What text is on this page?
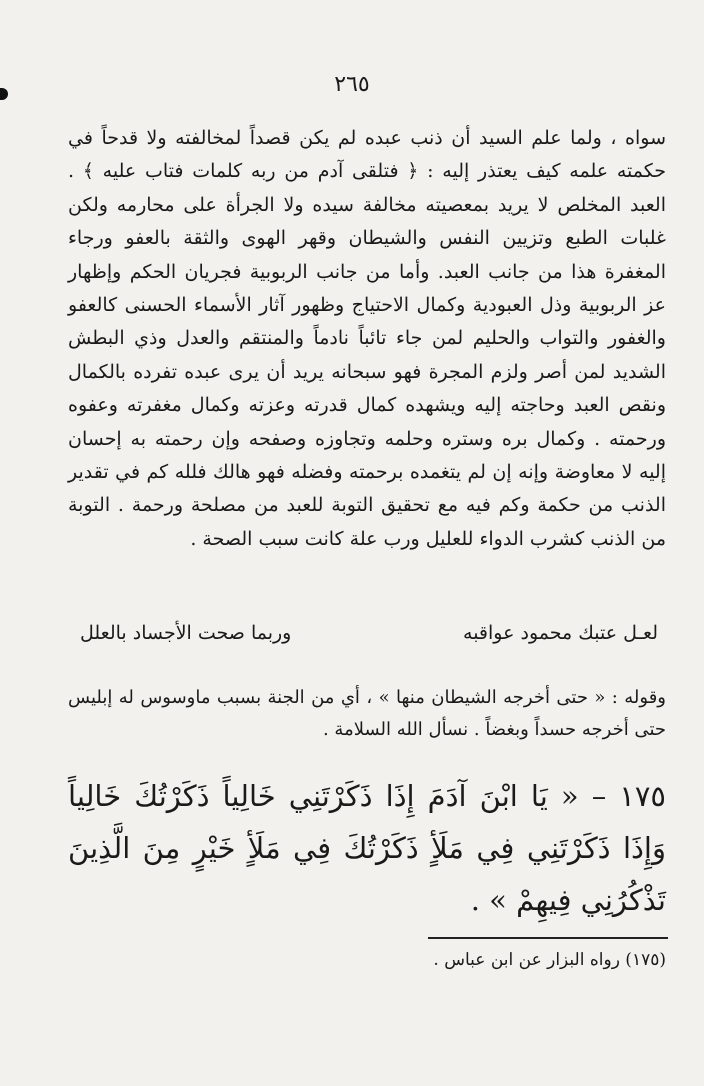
٢٦٥

سواه ، ولما علم السيد أن ذنب عبده لم يكن قصداً لمخالفته ولا قدحاً في حكمته علمه كيف يعتذر إليه : ﴿ فتلقى آدم من ربه كلمات فتاب عليه ﴾ . العبد المخلص لا يريد بمعصيته مخالفة سيده ولا الجرأة على محارمه ولكن غلبات الطبع وتزيين النفس والشيطان وقهر الهوى والثقة بالعفو ورجاء المغفرة هذا من جانب العبد. وأما من جانب الربوبية فجريان الحكم وإظهار عز الربوبية وذل العبودية وكمال الاحتياج وظهور آثار الأسماء الحسنى كالعفو والغفور والتواب والحليم لمن جاء تائباً نادماً والمنتقم والعدل وذي البطش الشديد لمن أصر ولزم المجرة فهو سبحانه يريد أن يرى عبده تفرده بالكمال ونقص العبد وحاجته إليه ويشهده كمال قدرته وعزته وكمال مغفرته وعفوه ورحمته . وكمال بره وستره وحلمه وتجاوزه وصفحه وإن رحمته به إحسان إليه لا معاوضة وإنه إن لم يتغمده برحمته وفضله فهو هالك فلله كم في تقدير الذنب من حكمة وكم فيه مع تحقيق التوبة للعبد من مصلحة ورحمة . التوبة من الذنب كشرب الدواء للعليل ورب علة كانت سبب الصحة .

لعـل عتبك محمود عواقبه
وربما صحت الأجساد بالعلل

وقوله : « حتى أخرجه الشيطان منها » ، أي من الجنة بسبب ماوسوس له إبليس حتى أخرجه حسداً وبغضاً . نسأل الله السلامة .

١٧٥ – « يَا ابْنَ آدَمَ إِذَا ذَكَرْتَنِي خَالِياً ذَكَرْتُكَ خَالِياً وَإِذَا ذَكَرْتَنِي فِي مَلَأٍ ذَكَرْتُكَ فِي مَلَأٍ خَيْرٍ مِنَ الَّذِينَ تَذْكُرُنِي فِيهِمْ » .

(١٧٥) رواه البزار عن ابن عباس .
